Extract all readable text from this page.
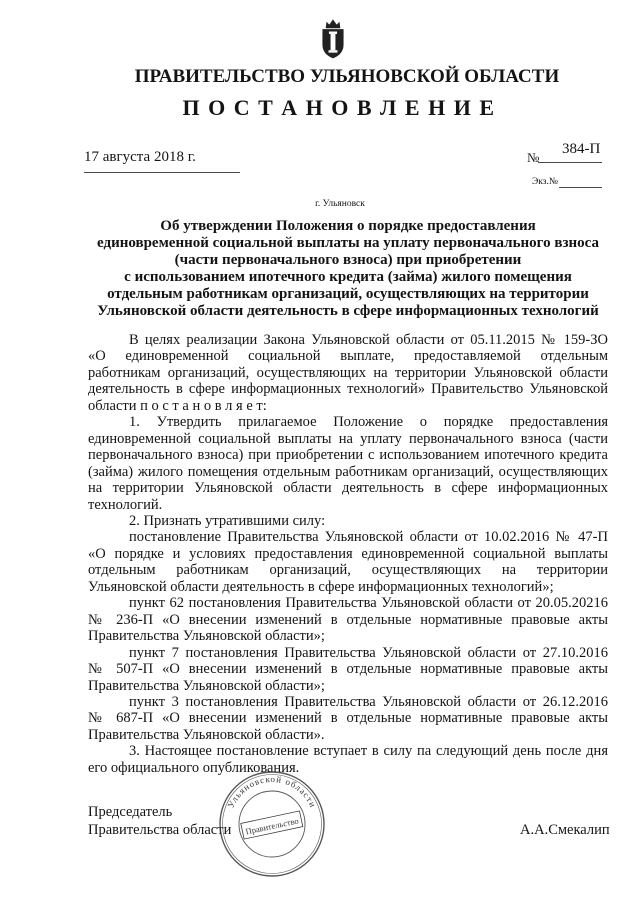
ПРАВИТЕЛЬСТВО УЛЬЯНОВСКОЙ ОБЛАСТИ
П О С Т А Н О В Л Е Н И Е
17 августа 2018 г.	№
384-П
Экз.№
г. Ульяновск
Об утверждении Положения о порядке предоставления
единовременной социальной выплаты на уплату первоначального взноса
(части первоначального взноса) при приобретении
с использованием ипотечного кредита (займа) жилого помещения
отдельным работникам организаций, осуществляющих на территории
Ульяновской области деятельность в сфере информационных технологий
В целях реализации Закона Ульяновской области от 05.11.2015 № 159-ЗО
«О единовременной социальной выплате, предоставляемой отдельным
работникам организаций, осуществляющих на территории Ульяновской области
деятельность в сфере информационных технологий» Правительство Ульяновской
области п о с т а н о в л я е т:
1. Утвердить прилагаемое Положение о порядке предоставления
единовременной социальной выплаты на уплату первоначального взноса (части
первоначального взноса) при приобретении с использованием ипотечного кредита
(займа) жилого помещения отдельным работникам организаций, осуществляющих
на территории Ульяновской области деятельность в сфере информационных
технологий.
2. Признать утратившими силу:
постановление Правительства Ульяновской области от 10.02.2016 № 47-П
«О порядке и условиях предоставления единовременной социальной выплаты
отдельным работникам организаций, осуществляющих на территории
Ульяновской области деятельность в сфере информационных технологий»;
пункт 62 постановления Правительства Ульяновской области от 20.05.20216
№ 236-П «О внесении изменений в отдельные нормативные правовые акты
Правительства Ульяновской области»;
пункт 7 постановления Правительства Ульяновской области от 27.10.2016
№ 507-П «О внесении изменений в отдельные нормативные правовые акты
Правительства Ульяновской области»;
пункт 3 постановления Правительства Ульяновской области от 26.12.2016
№ 687-П «О внесении изменений в отдельные нормативные правовые акты
Правительства Ульяновской области».
3. Настоящее постановление вступает в силу па следующий день после дня
его официального опубликования.
Председатель
Правительства области	А.А.Смекалип
Ульяновской области
Правительство
